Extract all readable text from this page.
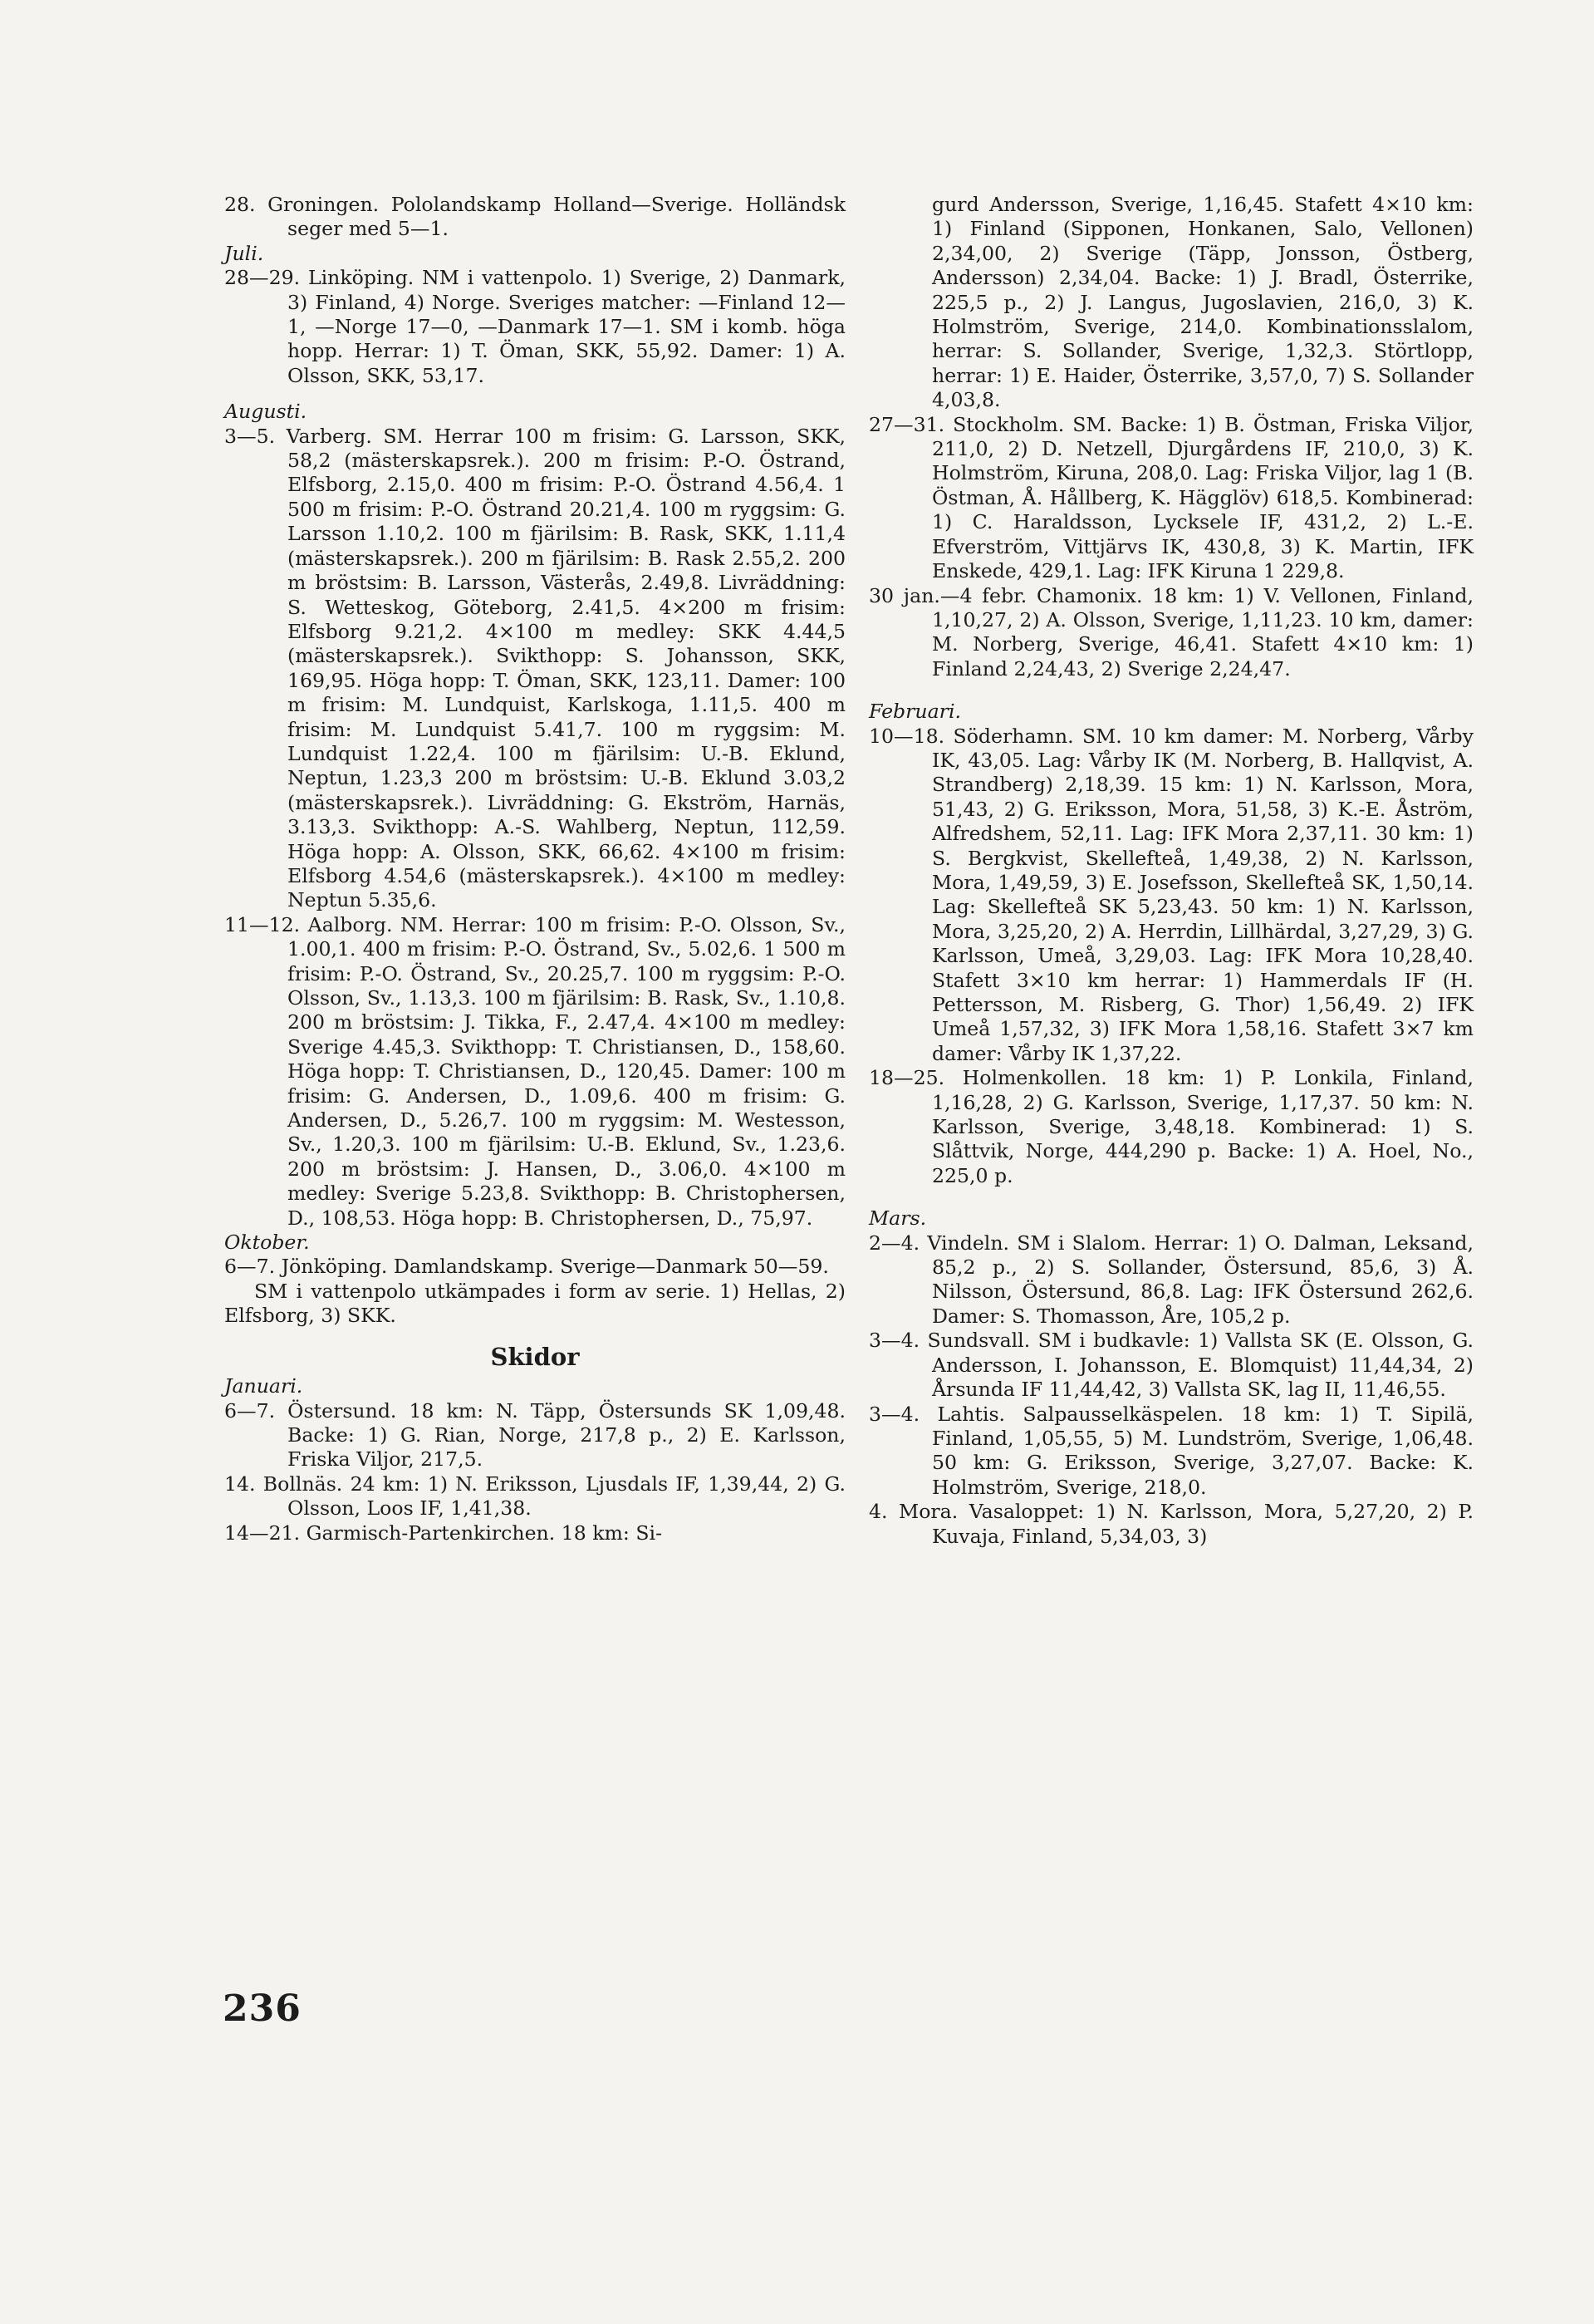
28. Groningen. Pololandskamp Holland—Sverige. Holländsk seger med 5—1.

Juli.

28—29. Linköping. NM i vattenpolo. 1) Sverige, 2) Danmark, 3) Finland, 4) Norge. Sveriges matcher: —Finland 12—1, —Norge 17—0, —Danmark 17—1. SM i komb. höga hopp. Herrar: 1) T. Öman, SKK, 55,92. Damer: 1) A. Olsson, SKK, 53,17.

Augusti.

3—5. Varberg. SM. Herrar 100 m frisim: G. Larsson, SKK, 58,2 (mästerskapsrek.). 200 m frisim: P.-O. Östrand, Elfsborg, 2.15,0. 400 m frisim: P.-O. Östrand 4.56,4. 1 500 m frisim: P.-O. Östrand 20.21,4. 100 m ryggsim: G. Larsson 1.10,2. 100 m fjärilsim: B. Rask, SKK, 1.11,4 (mästerskapsrek.). 200 m fjärilsim: B. Rask 2.55,2. 200 m bröstsim: B. Larsson, Västerås, 2.49,8. Livräddning: S. Wetteskog, Göteborg, 2.41,5. 4×200 m frisim: Elfsborg 9.21,2. 4×100 m medley: SKK 4.44,5 (mästerskapsrek.). Svikthopp: S. Johansson, SKK, 169,95. Höga hopp: T. Öman, SKK, 123,11. Damer: 100 m frisim: M. Lundquist, Karlskoga, 1.11,5. 400 m frisim: M. Lundquist 5.41,7. 100 m ryggsim: M. Lundquist 1.22,4. 100 m fjärilsim: U.-B. Eklund, Neptun, 1.23,3 200 m bröstsim: U.-B. Eklund 3.03,2 (mästerskapsrek.). Livräddning: G. Ekström, Harnäs, 3.13,3. Svikthopp: A.-S. Wahlberg, Neptun, 112,59. Höga hopp: A. Olsson, SKK, 66,62. 4×100 m frisim: Elfsborg 4.54,6 (mästerskapsrek.). 4×100 m medley: Neptun 5.35,6.

11—12. Aalborg. NM. Herrar: 100 m frisim: P.-O. Olsson, Sv., 1.00,1. 400 m frisim: P.-O. Östrand, Sv., 5.02,6. 1 500 m frisim: P.-O. Östrand, Sv., 20.25,7. 100 m ryggsim: P.-O. Olsson, Sv., 1.13,3. 100 m fjärilsim: B. Rask, Sv., 1.10,8. 200 m bröstsim: J. Tikka, F., 2.47,4. 4×100 m medley: Sverige 4.45,3. Svikthopp: T. Christiansen, D., 158,60. Höga hopp: T. Christiansen, D., 120,45. Damer: 100 m frisim: G. Andersen, D., 1.09,6. 400 m frisim: G. Andersen, D., 5.26,7. 100 m ryggsim: M. Westesson, Sv., 1.20,3. 100 m fjärilsim: U.-B. Eklund, Sv., 1.23,6. 200 m bröstsim: J. Hansen, D., 3.06,0. 4×100 m medley: Sverige 5.23,8. Svikthopp: B. Christophersen, D., 108,53. Höga hopp: B. Christophersen, D., 75,97.

Oktober.

6—7. Jönköping. Damlandskamp. Sverige—Danmark 50—59.

SM i vattenpolo utkämpades i form av serie. 1) Hellas, 2) Elfsborg, 3) SKK.

Skidor

Januari.

6—7. Östersund. 18 km: N. Täpp, Östersunds SK 1,09,48. Backe: 1) G. Rian, Norge, 217,8 p., 2) E. Karlsson, Friska Viljor, 217,5.

14. Bollnäs. 24 km: 1) N. Eriksson, Ljusdals IF, 1,39,44, 2) G. Olsson, Loos IF, 1,41,38.

14—21. Garmisch-Partenkirchen. 18 km: Si-

gurd Andersson, Sverige, 1,16,45. Stafett 4×10 km: 1) Finland (Sipponen, Honkanen, Salo, Vellonen) 2,34,00, 2) Sverige (Täpp, Jonsson, Östberg, Andersson) 2,34,04. Backe: 1) J. Bradl, Österrike, 225,5 p., 2) J. Langus, Jugoslavien, 216,0, 3) K. Holmström, Sverige, 214,0. Kombinationsslalom, herrar: S. Sollander, Sverige, 1,32,3. Störtlopp, herrar: 1) E. Haider, Österrike, 3,57,0, 7) S. Sollander 4,03,8.

27—31. Stockholm. SM. Backe: 1) B. Östman, Friska Viljor, 211,0, 2) D. Netzell, Djurgårdens IF, 210,0, 3) K. Holmström, Kiruna, 208,0. Lag: Friska Viljor, lag 1 (B. Östman, Å. Hållberg, K. Hägglöv) 618,5. Kombinerad: 1) C. Haraldsson, Lycksele IF, 431,2, 2) L.-E. Efverström, Vittjärvs IK, 430,8, 3) K. Martin, IFK Enskede, 429,1. Lag: IFK Kiruna 1 229,8.

30 jan.—4 febr. Chamonix. 18 km: 1) V. Vellonen, Finland, 1,10,27, 2) A. Olsson, Sverige, 1,11,23. 10 km, damer: M. Norberg, Sverige, 46,41. Stafett 4×10 km: 1) Finland 2,24,43, 2) Sverige 2,24,47.

Februari.

10—18. Söderhamn. SM. 10 km damer: M. Norberg, Vårby IK, 43,05. Lag: Vårby IK (M. Norberg, B. Hallqvist, A. Strandberg) 2,18,39. 15 km: 1) N. Karlsson, Mora, 51,43, 2) G. Eriksson, Mora, 51,58, 3) K.-E. Åström, Alfredshem, 52,11. Lag: IFK Mora 2,37,11. 30 km: 1) S. Bergkvist, Skellefteå, 1,49,38, 2) N. Karlsson, Mora, 1,49,59, 3) E. Josefsson, Skellefteå SK, 1,50,14. Lag: Skellefteå SK 5,23,43. 50 km: 1) N. Karlsson, Mora, 3,25,20, 2) A. Herrdin, Lillhärdal, 3,27,29, 3) G. Karlsson, Umeå, 3,29,03. Lag: IFK Mora 10,28,40. Stafett 3×10 km herrar: 1) Hammerdals IF (H. Pettersson, M. Risberg, G. Thor) 1,56,49. 2) IFK Umeå 1,57,32, 3) IFK Mora 1,58,16. Stafett 3×7 km damer: Vårby IK 1,37,22.

18—25. Holmenkollen. 18 km: 1) P. Lonkila, Finland, 1,16,28, 2) G. Karlsson, Sverige, 1,17,37. 50 km: N. Karlsson, Sverige, 3,48,18. Kombinerad: 1) S. Slåttvik, Norge, 444,290 p. Backe: 1) A. Hoel, No., 225,0 p.

Mars.

2—4. Vindeln. SM i Slalom. Herrar: 1) O. Dalman, Leksand, 85,2 p., 2) S. Sollander, Östersund, 85,6, 3) Å. Nilsson, Östersund, 86,8. Lag: IFK Östersund 262,6. Damer: S. Thomasson, Åre, 105,2 p.

3—4. Sundsvall. SM i budkavle: 1) Vallsta SK (E. Olsson, G. Andersson, I. Johansson, E. Blomquist) 11,44,34, 2) Årsunda IF 11,44,42, 3) Vallsta SK, lag II, 11,46,55.

3—4. Lahtis. Salpausselkäspelen. 18 km: 1) T. Sipilä, Finland, 1,05,55, 5) M. Lundström, Sverige, 1,06,48. 50 km: G. Eriksson, Sverige, 3,27,07. Backe: K. Holmström, Sverige, 218,0.

4. Mora. Vasaloppet: 1) N. Karlsson, Mora, 5,27,20, 2) P. Kuvaja, Finland, 5,34,03, 3)

236
